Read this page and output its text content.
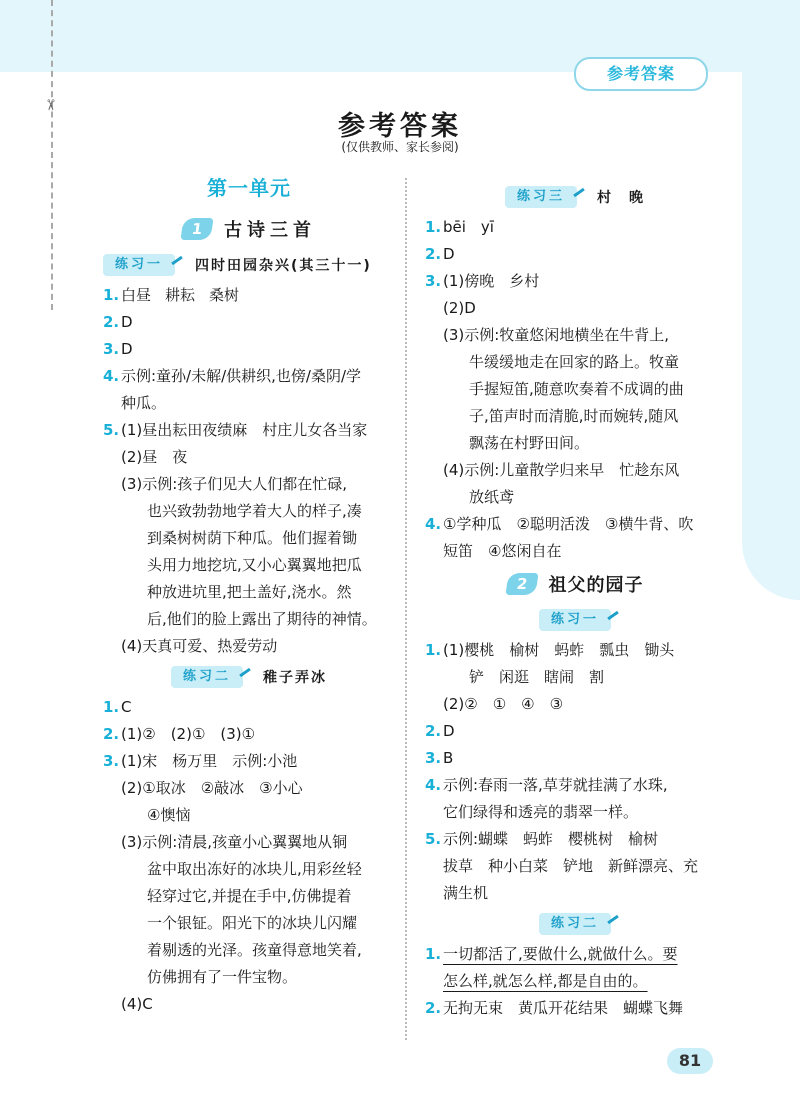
✂
参考答案
参考答案
(仅供教师、家长参阅)
第一单元
1	古诗三首
练习一	四时田园杂兴(其三十一)
1. 白昼 耕耘 桑树
2. D
3. D
4. 示例:童孙/未解/供耕织,也傍/桑阴/学
种瓜。
5. (1)昼出耘田夜绩麻　村庄儿女各当家
(2)昼　夜
(3)示例:孩子们见大人们都在忙碌,
也兴致勃勃地学着大人的样子,凑
到桑树树荫下种瓜。他们握着锄
头用力地挖坑,又小心翼翼地把瓜
种放进坑里,把土盖好,浇水。然
后,他们的脸上露出了期待的神情。
(4)天真可爱、热爱劳动
练习二	稚子弄冰
1. C
2. (1)②　(2)①　(3)①
3. (1)宋　杨万里　示例:小池
(2)①取冰　②敲冰　③小心
④懊恼
(3)示例:清晨,孩童小心翼翼地从铜
盆中取出冻好的冰块儿,用彩丝轻
轻穿过它,并提在手中,仿佛提着
一个银钲。阳光下的冰块儿闪耀
着剔透的光泽。孩童得意地笑着,
仿佛拥有了一件宝物。
(4)C
练习三	村　晚
1. bēi　yī
2. D
3. (1)傍晚　乡村
(2)D
(3)示例:牧童悠闲地横坐在牛背上,
牛缓缓地走在回家的路上。牧童
手握短笛,随意吹奏着不成调的曲
子,笛声时而清脆,时而婉转,随风
飘荡在村野田间。
(4)示例:儿童散学归来早　忙趁东风
放纸鸢
4. ①学种瓜　②聪明活泼　③横牛背、吹
短笛　④悠闲自在
2	祖父的园子
练习一
1. (1)樱桃　榆树　蚂蚱　瓢虫　锄头
铲　闲逛　瞎闹　割
(2)②　①　④　③
2. D
3. B
4. 示例:春雨一落,草芽就挂满了水珠,
它们绿得和透亮的翡翠一样。
5. 示例:蝴蝶　蚂蚱　樱桃树　榆树
拔草　种小白菜　铲地　新鲜漂亮、充
满生机
练习二
1. 一切都活了,要做什么,就做什么。要
怎么样,就怎么样,都是自由的。
2. 无拘无束　黄瓜开花结果　蝴蝶飞舞
81
